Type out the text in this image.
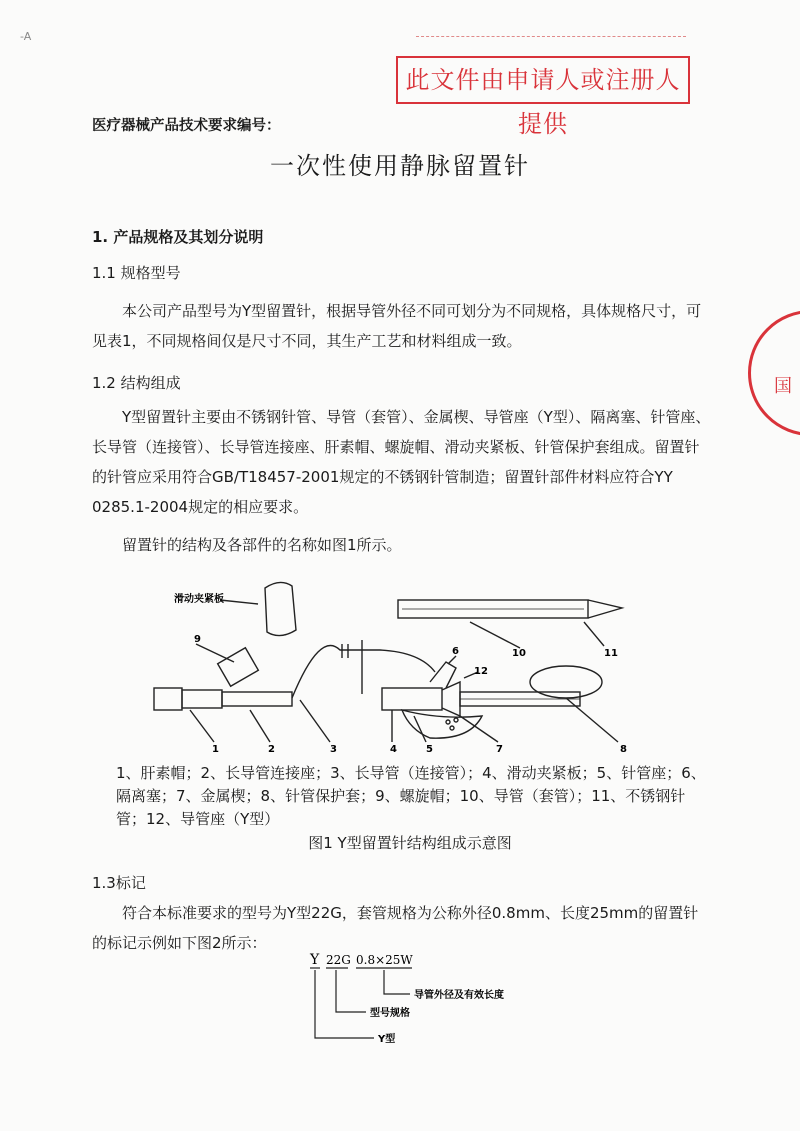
-A
此文件由申请人或注册人提供
国
医疗器械产品技术要求编号：
一次性使用静脉留置针
1. 产品规格及其划分说明
1.1 规格型号
本公司产品型号为Y型留置针，根据导管外径不同可划分为不同规格，具体规格尺寸，可见表1，不同规格间仅是尺寸不同，其生产工艺和材料组成一致。
1.2 结构组成
Y型留置针主要由不锈钢针管、导管（套管）、金属楔、导管座（Y型）、隔离塞、针管座、长导管（连接管）、长导管连接座、肝素帽、螺旋帽、滑动夹紧板、针管保护套组成。留置针的针管应采用符合GB/T18457-2001规定的不锈钢针管制造；留置针部件材料应符合YY 0285.1-2004规定的相应要求。
留置针的结构及各部件的名称如图1所示。
滑动夹紧板
9
1	2	3	4	5
6
7	8
10	11
12
1、肝素帽；2、长导管连接座；3、长导管（连接管）；4、滑动夹紧板；5、针管座；6、隔离塞；7、金属楔；8、针管保护套；9、螺旋帽；10、导管（套管）；11、不锈钢针管；12、导管座（Y型）
图1 Y型留置针结构组成示意图
1.3标记
符合本标准要求的型号为Y型22G，套管规格为公称外径0.8mm、长度25mm的留置针的标记示例如下图2所示：
Y 22G 0.8×25W
导管外径及有效长度
型号规格
Y型
